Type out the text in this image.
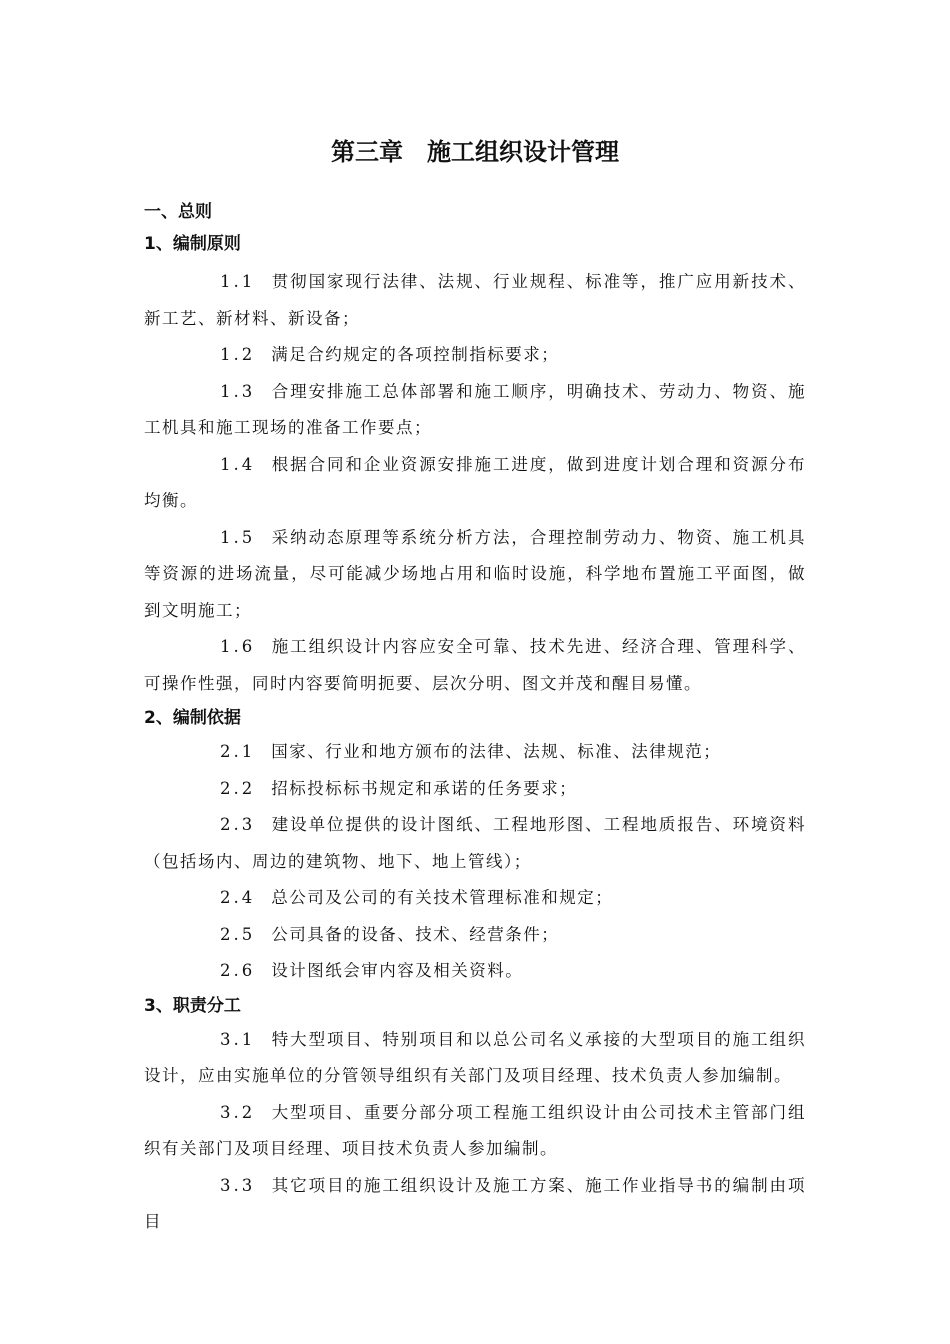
第三章　施工组织设计管理

一、总则

1、编制原则

1.1 贯彻国家现行法律、法规、行业规程、标准等，推广应用新技术、新工艺、新材料、新设备；

1.2 满足合约规定的各项控制指标要求；

1.3 合理安排施工总体部署和施工顺序，明确技术、劳动力、物资、施工机具和施工现场的准备工作要点；

1.4 根据合同和企业资源安排施工进度，做到进度计划合理和资源分布均衡。

1.5 采纳动态原理等系统分析方法，合理控制劳动力、物资、施工机具等资源的进场流量，尽可能减少场地占用和临时设施，科学地布置施工平面图，做到文明施工；

1.6 施工组织设计内容应安全可靠、技术先进、经济合理、管理科学、可操作性强，同时内容要简明扼要、层次分明、图文并茂和醒目易懂。

2、编制依据

2.1 国家、行业和地方颁布的法律、法规、标准、法律规范；

2.2 招标投标标书规定和承诺的任务要求；

2.3 建设单位提供的设计图纸、工程地形图、工程地质报告、环境资料（包括场内、周边的建筑物、地下、地上管线）；

2.4 总公司及公司的有关技术管理标准和规定；

2.5 公司具备的设备、技术、经营条件；

2.6 设计图纸会审内容及相关资料。

3、职责分工

3.1 特大型项目、特别项目和以总公司名义承接的大型项目的施工组织设计，应由实施单位的分管领导组织有关部门及项目经理、技术负责人参加编制。

3.2 大型项目、重要分部分项工程施工组织设计由公司技术主管部门组织有关部门及项目经理、项目技术负责人参加编制。

3.3 其它项目的施工组织设计及施工方案、施工作业指导书的编制由项目
